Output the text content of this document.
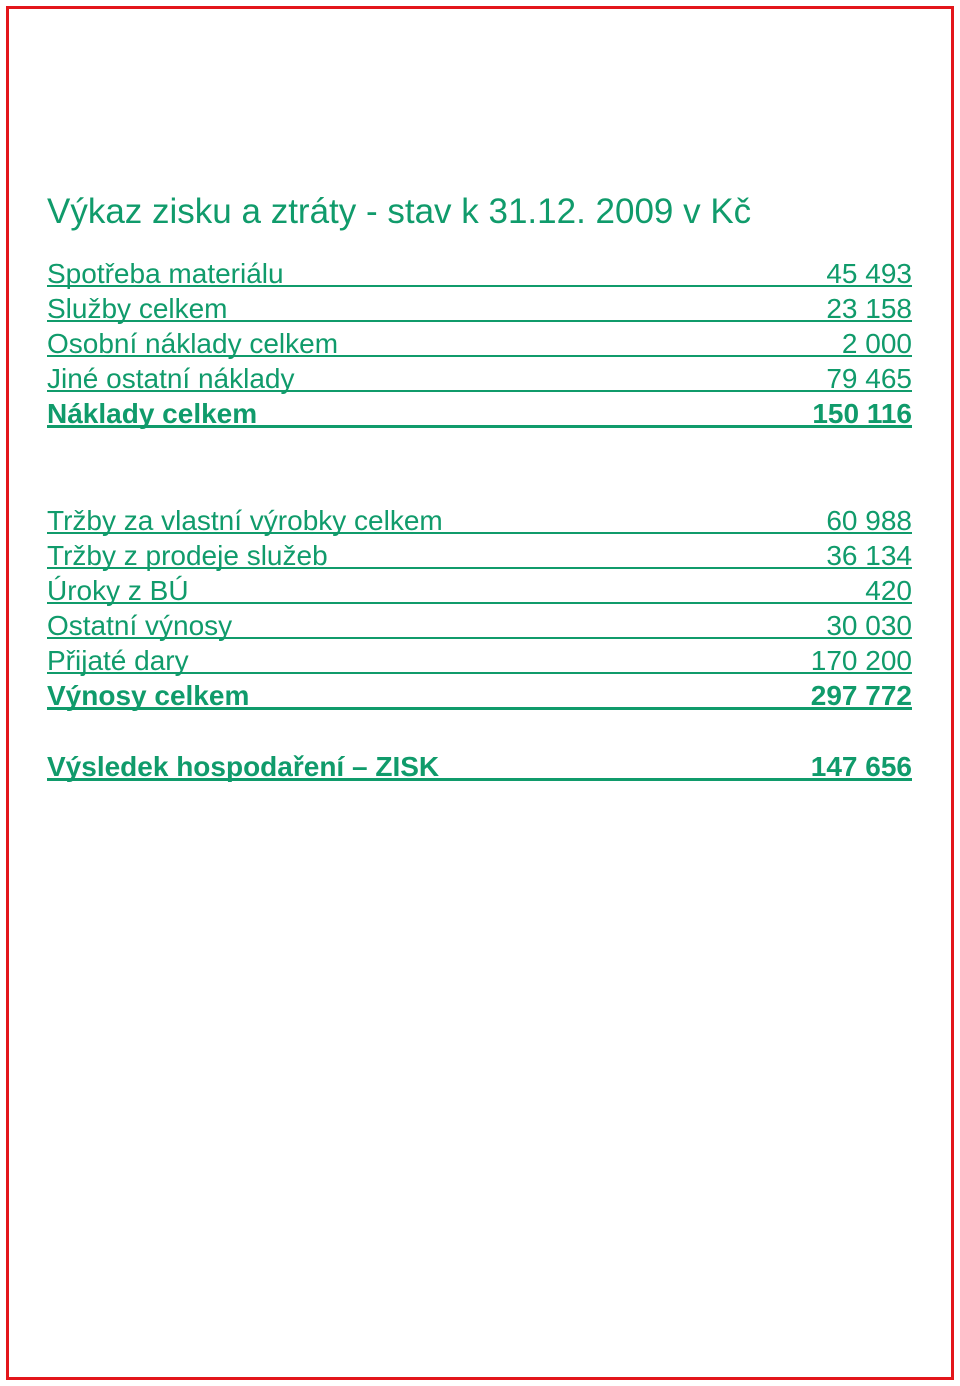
Výkaz zisku a ztráty - stav k 31.12. 2009 v Kč
Spotřeba materiálu	45 493
Služby celkem	23 158
Osobní náklady celkem	2 000
Jiné ostatní náklady	79 465
Náklady celkem	150 116
Tržby za vlastní výrobky celkem	60 988
Tržby z prodeje služeb	36 134
Úroky z BÚ	420
Ostatní výnosy	30 030
Přijaté dary	170 200
Výnosy celkem	297 772
Výsledek hospodaření – ZISK	147 656
